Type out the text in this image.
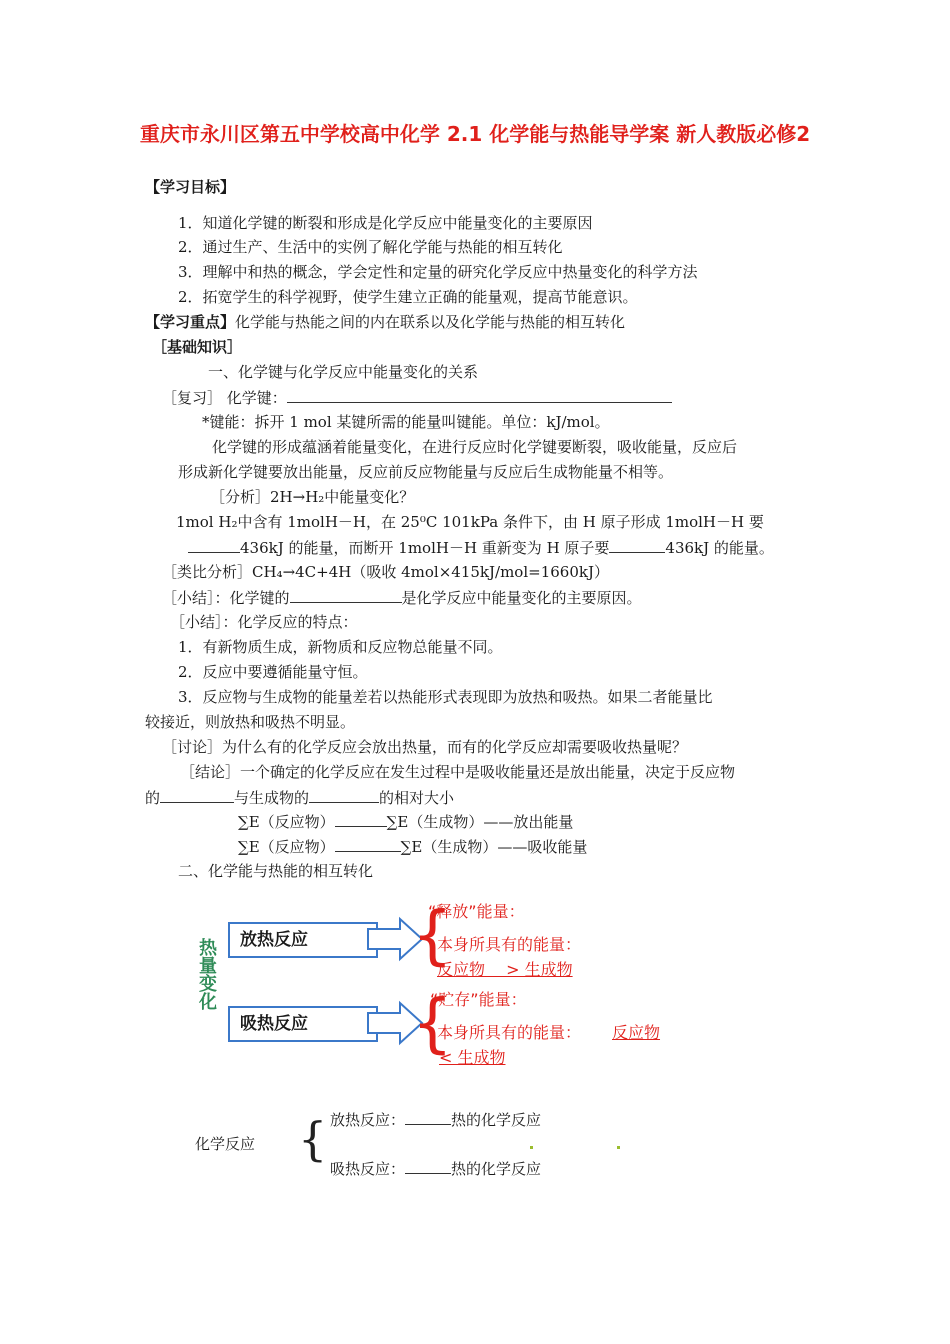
重庆市永川区第五中学校高中化学 2.1 化学能与热能导学案 新人教版必修2
【学习目标】
1．知道化学键的断裂和形成是化学反应中能量变化的主要原因
2．通过生产、生活中的实例了解化学能与热能的相互转化
3．理解中和热的概念，学会定性和定量的研究化学反应中热量变化的科学方法
2．拓宽学生的科学视野，使学生建立正确的能量观，提高节能意识。
【学习重点】化学能与热能之间的内在联系以及化学能与热能的相互转化
［基础知识］
一、化学键与化学反应中能量变化的关系
［复习］ 化学键：
*键能：拆开 1 mol 某键所需的能量叫键能。单位：kJ/mol。
化学键的形成蕴涵着能量变化，在进行反应时化学键要断裂，吸收能量，反应后
形成新化学键要放出能量，反应前反应物能量与反应后生成物能量不相等。
［分析］2H→H₂中能量变化？
1mol H₂中含有 1molH－H，在 25⁰C 101kPa 条件下，由 H 原子形成 1molH－H 要
436kJ 的能量，而断开 1molH－H 重新变为 H 原子要	436kJ 的能量。
［类比分析］CH₄→4C+4H（吸收 4mol×415kJ/mol=1660kJ）
［小结］：化学键的	是化学反应中能量变化的主要原因。
［小结］：化学反应的特点：
1．有新物质生成，新物质和反应物总能量不同。
2．反应中要遵循能量守恒。
3．反应物与生成物的能量差若以热能形式表现即为放热和吸热。如果二者能量比
较接近，则放热和吸热不明显。
［讨论］为什么有的化学反应会放出热量，而有的化学反应却需要吸收热量呢？
［结论］一个确定的化学反应在发生过程中是吸收能量还是放出能量，决定于反应物
的	与生成物的	的相对大小
∑E（反应物）	∑E（生成物）——放出能量
∑E（反应物）	∑E（生成物）——吸收能量
二、化学能与热能的相互转化
热量变化	放热反应	{
“释放”能量：
本身所具有的能量：
反应物　 > 生成物
吸热反应	{
“贮存”能量：
本身所具有的能量： 反应物
< 生成物
化学反应 { 放热反应：	热的化学反应
吸热反应：	热的化学反应
